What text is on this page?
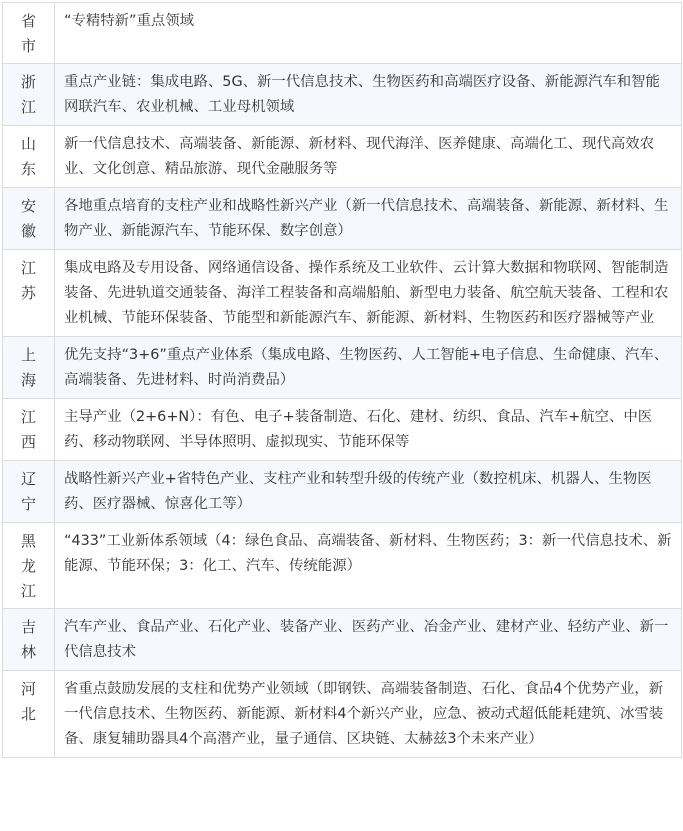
省市	“专精特新”重点领域

浙江	重点产业链：集成电路、5G、新一代信息技术、生物医药和高端医疗设备、新能源汽车和智能网联汽车、农业机械、工业母机领域

山东	新一代信息技术、高端装备、新能源、新材料、现代海洋、医养健康、高端化工、现代高效农业、文化创意、精品旅游、现代金融服务等

安徽	各地重点培育的支柱产业和战略性新兴产业（新一代信息技术、高端装备、新能源、新材料、生物产业、新能源汽车、节能环保、数字创意）

江苏	集成电路及专用设备、网络通信设备、操作系统及工业软件、云计算大数据和物联网、智能制造装备、先进轨道交通装备、海洋工程装备和高端船舶、新型电力装备、航空航天装备、工程和农业机械、节能环保装备、节能型和新能源汽车、新能源、新材料、生物医药和医疗器械等产业

上海	优先支持“3+6”重点产业体系（集成电路、生物医药、人工智能+电子信息、生命健康、汽车、高端装备、先进材料、时尚消费品）

江西	主导产业（2+6+N）：有色、电子+装备制造、石化、建材、纺织、食品、汽车+航空、中医药、移动物联网、半导体照明、虚拟现实、节能环保等

辽宁	战略性新兴产业+省特色产业、支柱产业和转型升级的传统产业（数控机床、机器人、生物医药、医疗器械、惊喜化工等）

黑龙江	“433”工业新体系领域（4：绿色食品、高端装备、新材料、生物医药；3：新一代信息技术、新能源、节能环保；3：化工、汽车、传统能源）

吉林	汽车产业、食品产业、石化产业、装备产业、医药产业、冶金产业、建材产业、轻纺产业、新一代信息技术

河北	省重点鼓励发展的支柱和优势产业领域（即钢铁、高端装备制造、石化、食品4个优势产业，新一代信息技术、生物医药、新能源、新材料4个新兴产业，应急、被动式超低能耗建筑、冰雪装备、康复辅助器具4个高潜产业，量子通信、区块链、太赫兹3个未来产业）
